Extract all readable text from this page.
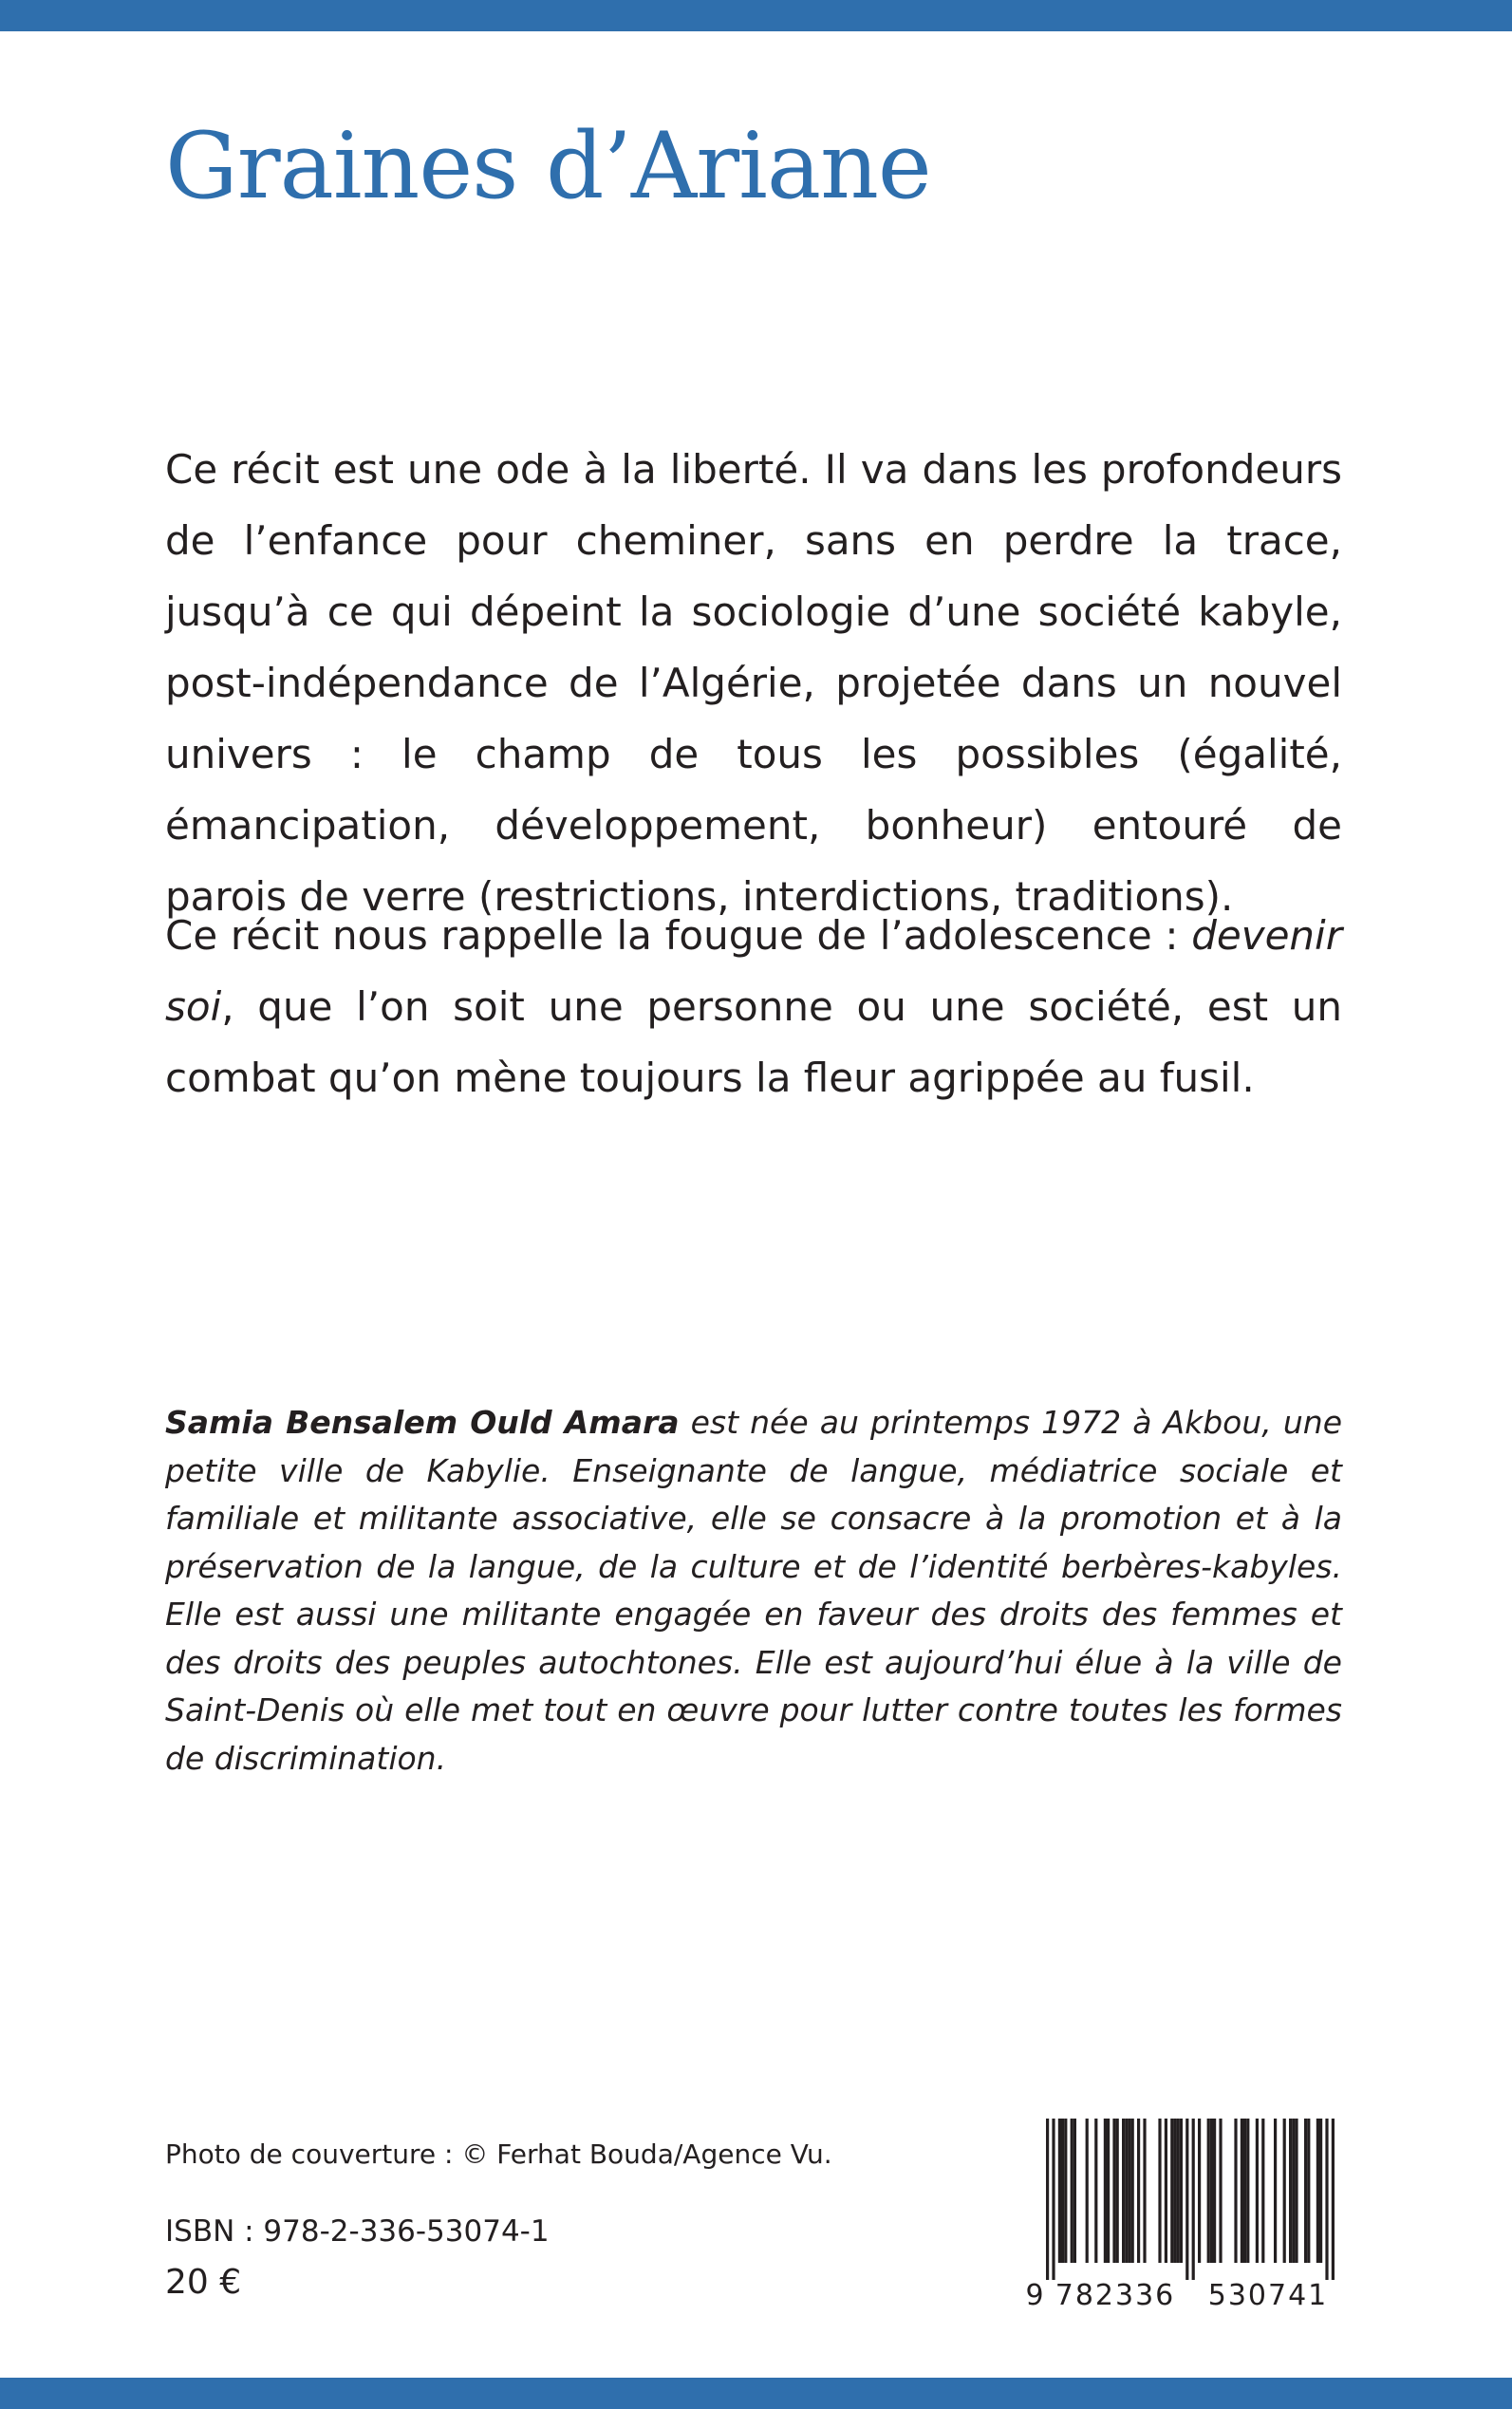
Graines d’Ariane

Ce récit est une ode à la liberté. Il va dans les profondeurs de l’enfance pour cheminer, sans en perdre la trace, jusqu’à ce qui dépeint la sociologie d’une société kabyle, post-indépendance de l’Algérie, projetée dans un nouvel univers : le champ de tous les possibles (égalité, émancipation, développement, bonheur) entouré de parois de verre (restrictions, interdictions, traditions).

Ce récit nous rappelle la fougue de l’adolescence : devenir soi, que l’on soit une personne ou une société, est un combat qu’on mène toujours la fleur agrippée au fusil.

Samia Bensalem Ould Amara est née au printemps 1972 à Akbou, une petite ville de Kabylie. Enseignante de langue, médiatrice sociale et familiale et militante associative, elle se consacre à la promotion et à la préservation de la langue, de la culture et de l’identité berbères-kabyles. Elle est aussi une militante engagée en faveur des droits des femmes et des droits des peuples autochtones. Elle est aujourd’hui élue à la ville de Saint-Denis où elle met tout en œuvre pour lutter contre toutes les formes de discrimination.

Photo de couverture : © Ferhat Bouda/Agence Vu.

ISBN : 978-2-336-53074-1

20 €	9 782336 530741
